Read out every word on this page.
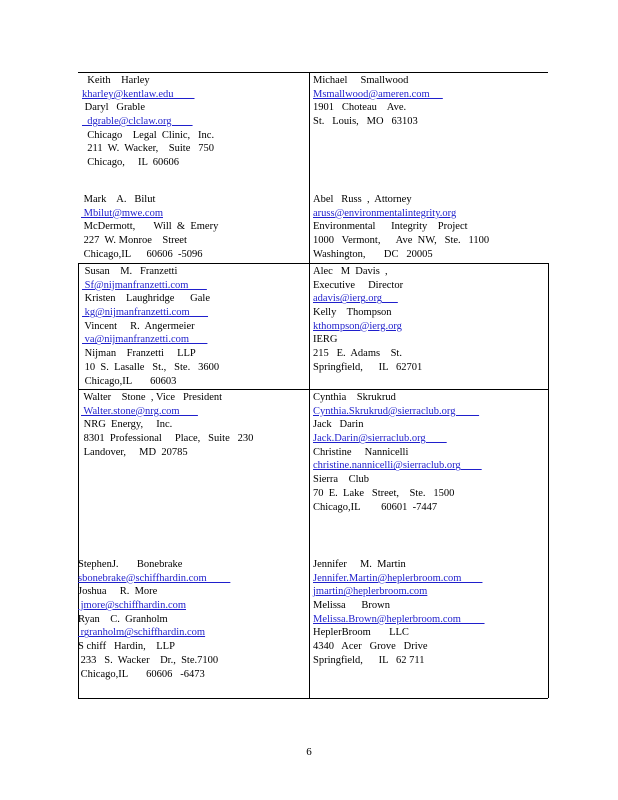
Keith    Harley
kharley@kentlaw.edu
Daryl   Grable
dgrable@clclaw.org
Chicago    Legal  Clinic,   Inc.
211  W.  Wacker,    Suite   750
Chicago,     IL  60606
Michael     Smallwood
Msmallwood@ameren.com
1901   Choteau    Ave.
St.   Louis,   MO   63103
Mark    A.   Bilut
Mbilut@mwe.com
McDermott,       Will  &  Emery
227  W. Monroe    Street
Chicago,IL      60606  -5096
Abel   Russ  ,  Attorney
aruss@environmentalintegrity.org
Environmental      Integrity    Project
1000   Vermont,      Ave  NW,   Ste.   1100
Washington,       DC   20005
Susan    M.   Franzetti
Sf@nijmanfranzetti.com
Kristen    Laughridge      Gale
kg@nijmanfranzetti.com
Vincent     R.  Angermeier
va@nijmanfranzetti.com
Nijman    Franzetti     LLP
10  S.  Lasalle   St.,   Ste.   3600
Chicago,IL       60603
Alec   M  Davis  ,
Executive     Director
adavis@ierg.org
Kelly    Thompson
kthompson@ierg.org
IERG
215   E.  Adams    St.
Springfield,      IL   62701
Walter    Stone  , Vice   President
Walter.stone@nrg.com
NRG  Energy,     Inc.
8301  Professional     Place,   Suite   230
Landover,     MD  20785
Cynthia    Skrukrud
Cynthia.Skrukrud@sierraclub.org
Jack   Darin
Jack.Darin@sierraclub.org
Christine     Nannicelli
christine.nannicelli@sierraclub.org
Sierra    Club
70  E.  Lake   Street,    Ste.   1500
Chicago,IL        60601  -7447
StephenJ.       Bonebrake
sbonebrake@schiffhardin.com
Joshua     R.  More
jmore@schiffhardin.com
Ryan    C.  Granholm
rgranholm@schiffhardin.com
S chiff   Hardin,    LLP
233   S.  Wacker    Dr.,  Ste.7100
Chicago,IL       60606   -6473
Jennifer     M.  Martin
Jennifer.Martin@heplerbroom.com
jmartin@heplerbroom.com
Melissa      Brown
Melissa.Brown@heplerbroom.com
HeplerBroom       LLC
4340   Acer   Grove   Drive
Springfield,      IL   62 711
6
